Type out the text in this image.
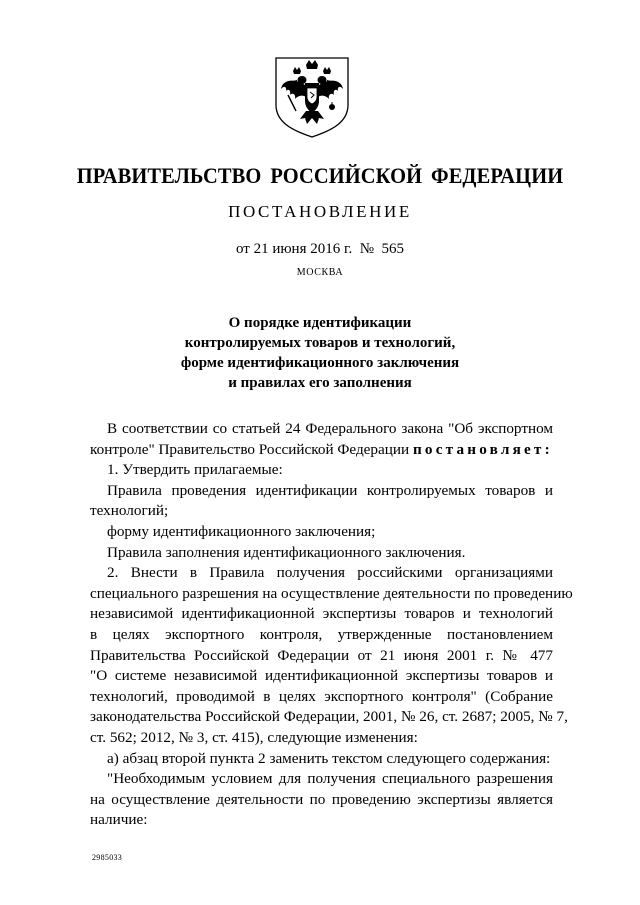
ПРАВИТЕЛЬСТВО РОССИЙСКОЙ ФЕДЕРАЦИИ
ПОСТАНОВЛЕНИЕ
от 21 июня 2016 г.  №  565
МОСКВА
О порядке идентификации
контролируемых товаров и технологий,
форме идентификационного заключения
и правилах его заполнения
В соответствии со статьей 24 Федерального закона "Об экспортном
контроле" Правительство Российской Федерации постановляет:
1. Утвердить прилагаемые:
Правила проведения идентификации контролируемых товаров и
технологий;
форму идентификационного заключения;
Правила заполнения идентификационного заключения.
2. Внести в Правила получения российскими организациями
специального разрешения на осуществление деятельности по проведению
независимой идентификационной экспертизы товаров и технологий
в целях экспортного контроля, утвержденные постановлением
Правительства Российской Федерации от 21 июня 2001 г. № 477
"О системе независимой идентификационной экспертизы товаров и
технологий, проводимой в целях экспортного контроля" (Собрание
законодательства Российской Федерации, 2001, № 26, ст. 2687; 2005, № 7,
ст. 562; 2012, № 3, ст. 415), следующие изменения:
а) абзац второй пункта 2 заменить текстом следующего содержания:
"Необходимым условием для получения специального разрешения
на осуществление деятельности по проведению экспертизы является
наличие:
2985033
